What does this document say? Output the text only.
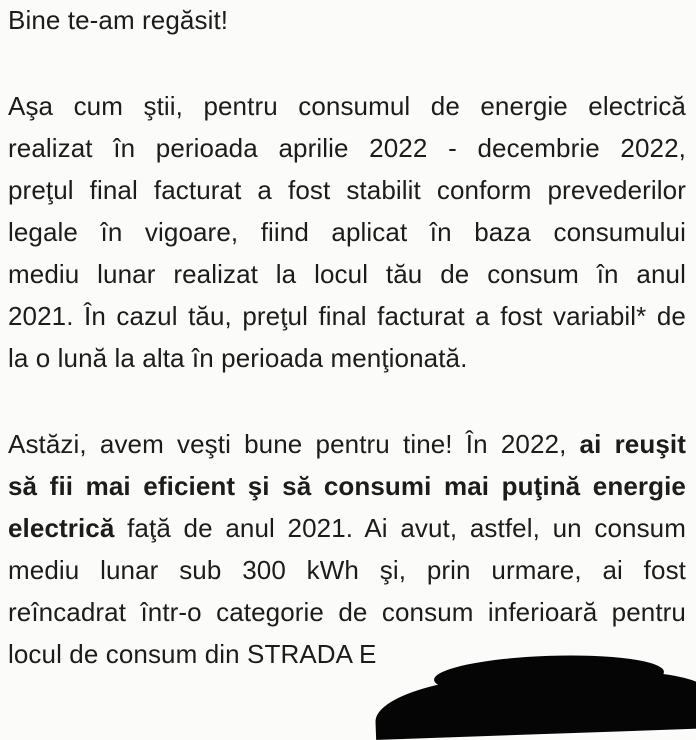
Bine te-am regăsit!
Aşa cum ştii, pentru consumul de energie electrică
realizat în perioada aprilie 2022 - decembrie 2022,
preţul final facturat a fost stabilit conform prevederilor
legale în vigoare, fiind aplicat în baza consumului
mediu lunar realizat la locul tău de consum în anul
2021. În cazul tău, preţul final facturat a fost variabil* de
la o lună la alta în perioada menţionată.
Astăzi, avem veşti bune pentru tine! În 2022, ai reuşit
să fii mai eficient şi să consumi mai puţină energie
electrică faţă de anul 2021. Ai avut, astfel, un consum
mediu lunar sub 300 kWh şi, prin urmare, ai fost
reîncadrat într-o categorie de consum inferioară pentru
locul de consum din STRADA E
